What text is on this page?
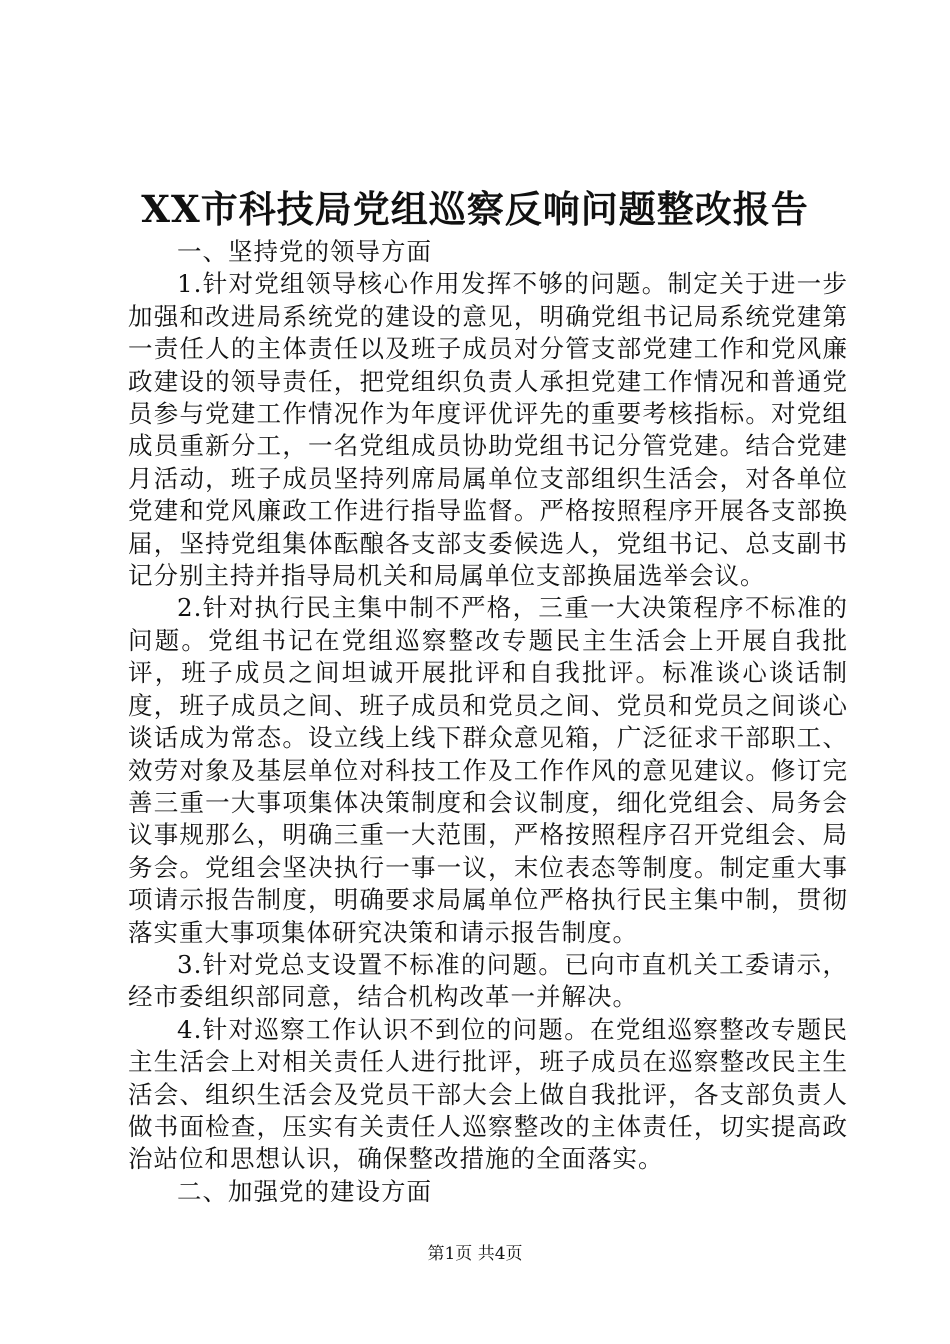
XX市科技局党组巡察反响问题整改报告

一、坚持党的领导方面

1.针对党组领导核心作用发挥不够的问题。制定关于进一步加强和改进局系统党的建设的意见，明确党组书记局系统党建第一责任人的主体责任以及班子成员对分管支部党建工作和党风廉政建设的领导责任，把党组织负责人承担党建工作情况和普通党员参与党建工作情况作为年度评优评先的重要考核指标。对党组成员重新分工，一名党组成员协助党组书记分管党建。结合党建月活动，班子成员坚持列席局属单位支部组织生活会，对各单位党建和党风廉政工作进行指导监督。严格按照程序开展各支部换届，坚持党组集体酝酿各支部支委候选人，党组书记、总支副书记分别主持并指导局机关和局属单位支部换届选举会议。

2.针对执行民主集中制不严格，三重一大决策程序不标准的问题。党组书记在党组巡察整改专题民主生活会上开展自我批评，班子成员之间坦诚开展批评和自我批评。标准谈心谈话制度，班子成员之间、班子成员和党员之间、党员和党员之间谈心谈话成为常态。设立线上线下群众意见箱，广泛征求干部职工、效劳对象及基层单位对科技工作及工作作风的意见建议。修订完善三重一大事项集体决策制度和会议制度，细化党组会、局务会议事规那么，明确三重一大范围，严格按照程序召开党组会、局务会。党组会坚决执行一事一议，末位表态等制度。制定重大事项请示报告制度，明确要求局属单位严格执行民主集中制，贯彻落实重大事项集体研究决策和请示报告制度。

3.针对党总支设置不标准的问题。已向市直机关工委请示，经市委组织部同意，结合机构改革一并解决。

4.针对巡察工作认识不到位的问题。在党组巡察整改专题民主生活会上对相关责任人进行批评，班子成员在巡察整改民主生活会、组织生活会及党员干部大会上做自我批评，各支部负责人做书面检查，压实有关责任人巡察整改的主体责任，切实提高政治站位和思想认识，确保整改措施的全面落实。

二、加强党的建设方面

第1页 共4页
